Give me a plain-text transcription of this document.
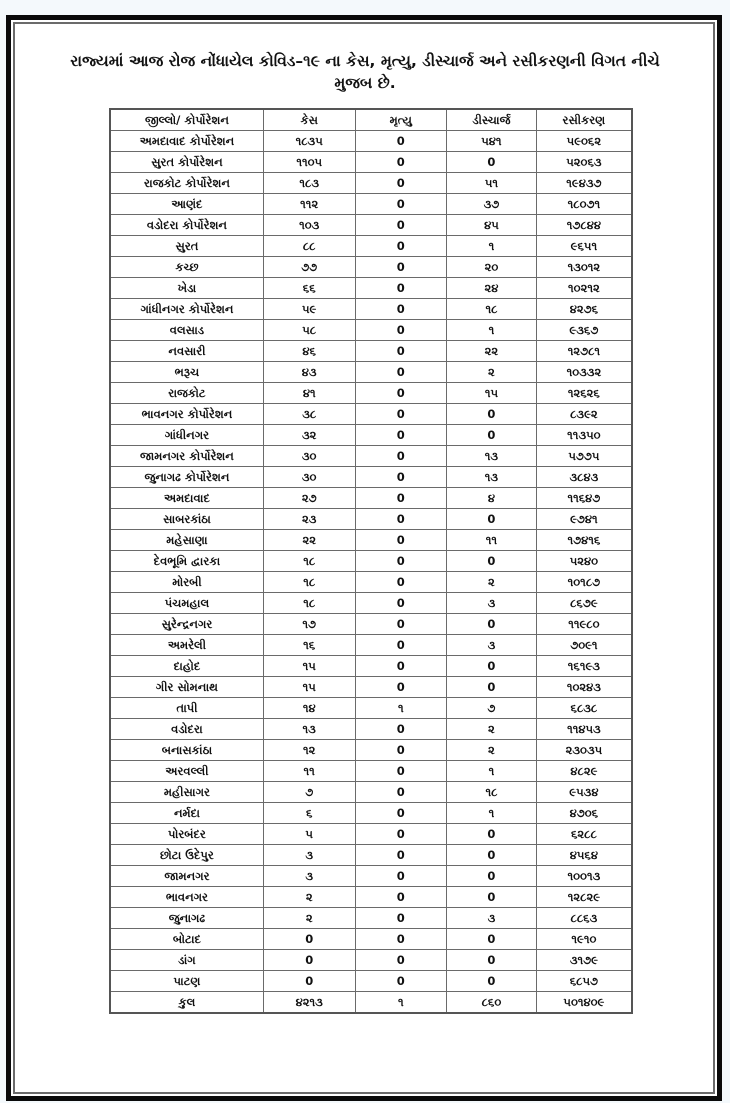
રાજ્યમાં આજ રોજ નોંધાયેલ કોવિડ–૧૯ ના કેસ, મૃત્યુ, ડીસ્ચાર્જ અને રસીકરણની વિગત નીચે મુજબ છે.
જીલ્લો/ કોર્પોરેશન	કેસ	મૃત્યુ	ડીસ્ચાર્જ	રસીકરણ
અમદાવાદ કોર્પોરેશન	૧૮૩૫	0	૫૪૧	૫૯૦૬૨
સુરત કોર્પોરેશન	૧૧૦૫	0	0	૫૨૦૬૩
રાજકોટ કોર્પોરેશન	૧૮૩	0	૫૧	૧૯૪૩૭
આણંદ	૧૧૨	0	૩૭	૧૮૦૭૧
વડોદરા કોર્પોરેશન	૧૦૩	0	૪૫	૧૭૮૪૪
સુરત	૮૮	0	૧	૯૬૫૧
કચ્છ	૭૭	0	૨૦	૧૩૦૧૨
ખેડા	૬૬	0	૨૪	૧૦૨૧૨
ગાંધીનગર કોર્પોરેશન	૫૯	0	૧૮	૪૨૭૬
વલસાડ	૫૮	0	૧	૯૩૬૭
નવસારી	૪૬	0	૨૨	૧૨૭૮૧
ભરૂચ	૪૩	0	૨	૧૦૩૩૨
રાજકોટ	૪૧	0	૧૫	૧૨૬૨૬
ભાવનગર કોર્પોરેશન	૩૮	0	0	૮૩૯૨
ગાંધીનગર	૩૨	0	0	૧૧૩૫૦
જામનગર કોર્પોરેશન	૩૦	0	૧૩	૫૭૭૫
જુનાગઢ કોર્પોરેશન	૩૦	0	૧૩	૩૮૪૩
અમદાવાદ	૨૭	0	૪	૧૧૬૪૭
સાબરકાંઠા	૨૩	0	0	૯૭૪૧
મહેસાણા	૨૨	0	૧૧	૧૭૪૧૬
દેવભૂમિ દ્વારકા	૧૮	0	0	૫૨૪૦
મોરબી	૧૮	0	૨	૧૦૧૮૭
પંચમહાલ	૧૮	0	૩	૮૬૭૯
સુરેન્દ્રનગર	૧૭	0	0	૧૧૯૮૦
અમરેલી	૧૬	0	૩	૭૦૯૧
દાહોદ	૧૫	0	0	૧૬૧૯૩
ગીર સોમનાથ	૧૫	0	0	૧૦૨૪૩
તાપી	૧૪	૧	૭	૬૮૩૮
વડોદરા	૧૩	0	૨	૧૧૪૫૩
બનાસકાંઠા	૧૨	0	૨	૨૩૦૩૫
અરવલ્લી	૧૧	0	૧	૪૮૨૯
મહીસાગર	૭	0	૧૮	૯૫૩૪
નર્મદા	૬	0	૧	૪૭૦૬
પોરબંદર	૫	0	0	૬૨૮૮
છોટા ઉદેપુર	૩	0	0	૪૫૬૪
જામનગર	૩	0	0	૧૦૦૧૩
ભાવનગર	૨	0	0	૧૨૮૨૯
જુનાગઢ	૨	0	૩	૮૮૬૩
બોટાદ	0	0	0	૧૯૧૦
ડાંગ	0	0	0	૩૧૭૯
પાટણ	0	0	0	૬૮૫૭
કુલ	૪૨૧૩	૧	૮૬૦	૫૦૧૪૦૯
